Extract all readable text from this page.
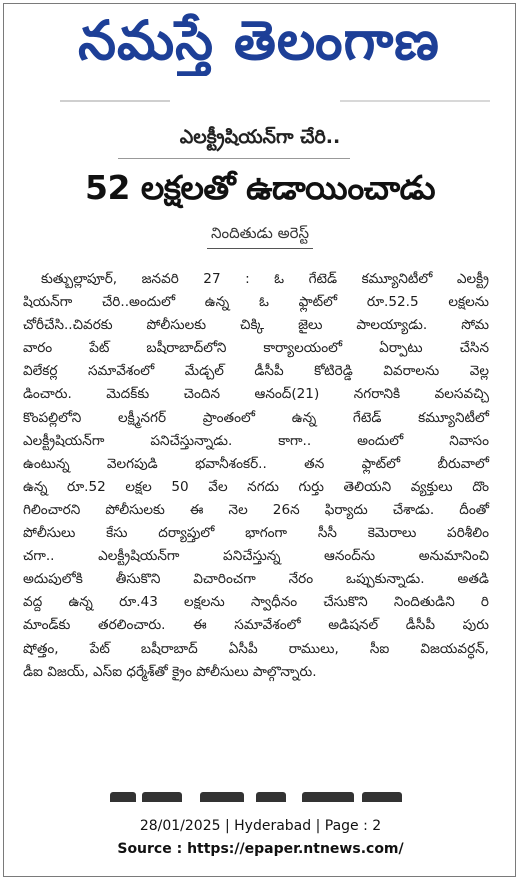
నమస్తే తెలంగాణ
ఎలక్ట్రీషియన్‌గా చేరి..
52 లక్షలతో ఉడాయించాడు
నిందితుడు అరెస్ట్

కుత్బుల్లాపూర్, జనవరి 27 : ఓ గేటెడ్ కమ్యూనిటీలో ఎలక్ట్రీ

షియన్‌గా చేరి..అందులో ఉన్న ఓ ఫ్లాట్‌లో రూ.52.5 లక్షలను

చోరీచేసి..చివరకు పోలీసులకు చిక్కి జైలు పాలయ్యాడు. సోమ

వారం పేట్ బషీరాబాద్‌లోని కార్యాలయంలో ఏర్పాటు చేసిన

విలేకర్ల సమావేశంలో మేడ్చల్ డీసీపీ కోటిరెడ్డి వివరాలను వెల్ల

డించారు. మెదక్‌కు చెందిన ఆనంద్(21) నగరానికి వలసవచ్చి

కొంపల్లిలోని లక్ష్మీనగర్ ప్రాంతంలో ఉన్న గేటెడ్ కమ్యూనిటీలో

ఎలక్ట్రీషియన్‌గా పనిచేస్తున్నాడు. కాగా.. అందులో నివాసం

ఉంటున్న వెలగపుడి భవానీశంకర్.. తన ఫ్లాట్‌లో బీరువాలో

ఉన్న రూ.52 లక్షల 50 వేల నగదు గుర్తు తెలియని వ్యక్తులు దొం

గిలించారని పోలీసులకు ఈ నెల 26న ఫిర్యాదు చేశాడు. దీంతో

పోలీసులు కేసు దర్యాప్తులో భాగంగా సీసీ కెమెరాలు పరిశీలిం

చగా.. ఎలక్ట్రీషియన్‌గా పనిచేస్తున్న ఆనంద్‌ను అనుమానించి

అదుపులోకి తీసుకొని విచారించగా నేరం ఒప్పుకున్నాడు. అతడి

వద్ద ఉన్న రూ.43 లక్షలను స్వాధీనం చేసుకొని నిందితుడిని రి

మాండ్‌కు తరలించారు. ఈ సమావేశంలో అడిషనల్ డీసీపీ పురు

షోత్తం, పేట్ బషీరాబాద్ ఏసీపీ రాములు, సీఐ విజయవర్ధన్,

డీఐ విజయ్, ఎస్ఐ ధర్మేశ్‌తో క్రైం పోలీసులు పాల్గొన్నారు.

28/01/2025 | Hyderabad | Page : 2
Source : https://epaper.ntnews.com/
